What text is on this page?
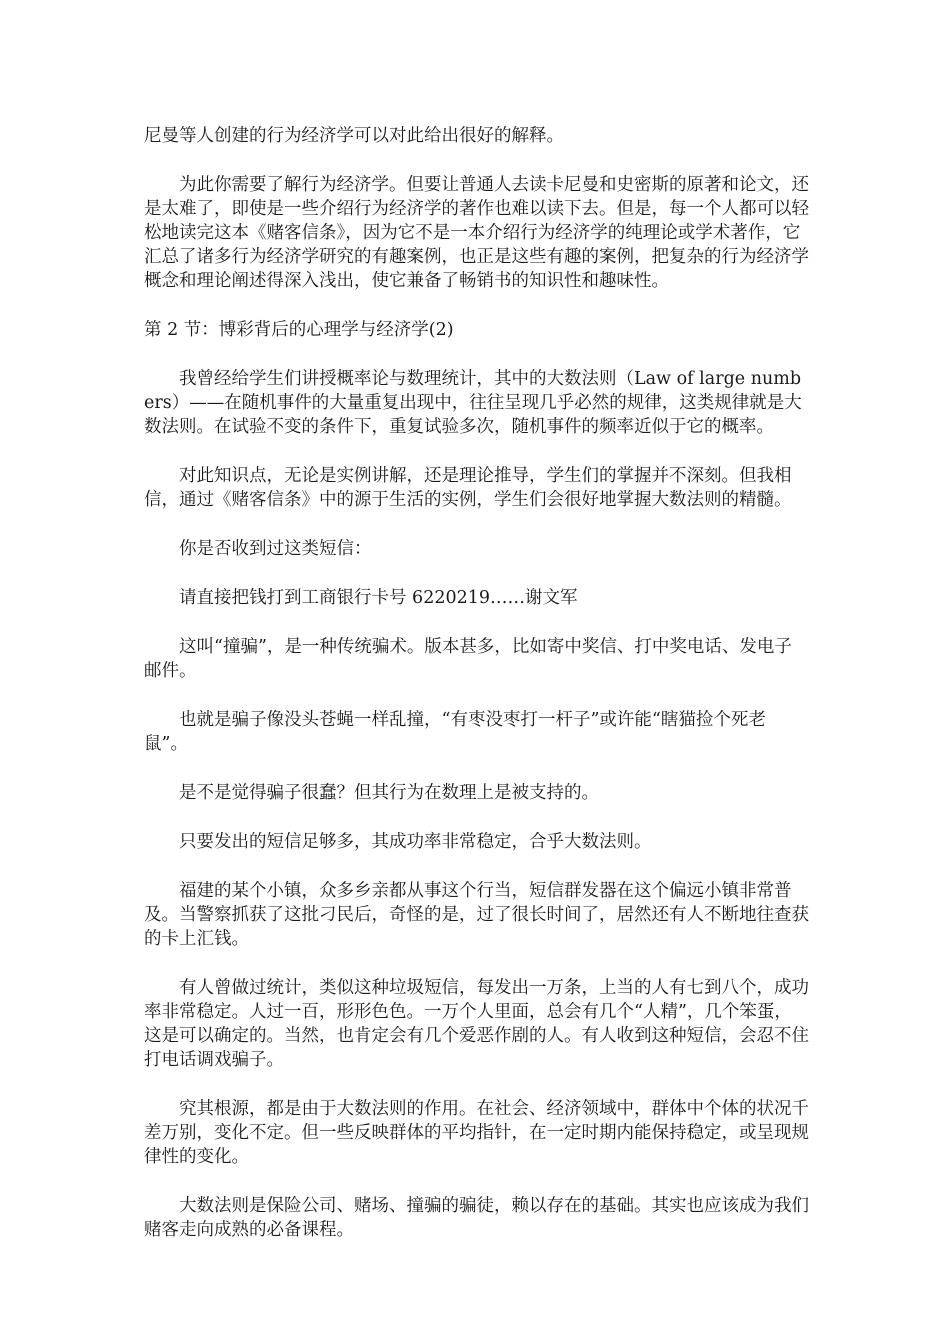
尼曼等人创建的行为经济学可以对此给出很好的解释。

为此你需要了解行为经济学。但要让普通人去读卡尼曼和史密斯的原著和论文，还是太难了，即使是一些介绍行为经济学的著作也难以读下去。但是，每一个人都可以轻松地读完这本《赌客信条》，因为它不是一本介绍行为经济学的纯理论或学术著作，它汇总了诸多行为经济学研究的有趣案例，也正是这些有趣的案例，把复杂的行为经济学概念和理论阐述得深入浅出，使它兼备了畅销书的知识性和趣味性。

第 2 节：博彩背后的心理学与经济学(2)

我曾经给学生们讲授概率论与数理统计，其中的大数法则（Law of large numbers）——在随机事件的大量重复出现中，往往呈现几乎必然的规律，这类规律就是大数法则。在试验不变的条件下，重复试验多次，随机事件的频率近似于它的概率。

对此知识点，无论是实例讲解，还是理论推导，学生们的掌握并不深刻。但我相信，通过《赌客信条》中的源于生活的实例，学生们会很好地掌握大数法则的精髓。

你是否收到过这类短信：

请直接把钱打到工商银行卡号 6220219……谢文军

这叫“撞骗”，是一种传统骗术。版本甚多，比如寄中奖信、打中奖电话、发电子邮件。

也就是骗子像没头苍蝇一样乱撞，“有枣没枣打一杆子”或许能“瞎猫捡个死老鼠”。

是不是觉得骗子很蠢？但其行为在数理上是被支持的。

只要发出的短信足够多，其成功率非常稳定，合乎大数法则。

福建的某个小镇，众多乡亲都从事这个行当，短信群发器在这个偏远小镇非常普及。当警察抓获了这批刁民后，奇怪的是，过了很长时间了，居然还有人不断地往查获的卡上汇钱。

有人曾做过统计，类似这种垃圾短信，每发出一万条，上当的人有七到八个，成功率非常稳定。人过一百，形形色色。一万个人里面，总会有几个“人精”，几个笨蛋，这是可以确定的。当然，也肯定会有几个爱恶作剧的人。有人收到这种短信，会忍不住打电话调戏骗子。

究其根源，都是由于大数法则的作用。在社会、经济领域中，群体中个体的状况千差万别，变化不定。但一些反映群体的平均指针，在一定时期内能保持稳定，或呈现规律性的变化。

大数法则是保险公司、赌场、撞骗的骗徒，赖以存在的基础。其实也应该成为我们赌客走向成熟的必备课程。
